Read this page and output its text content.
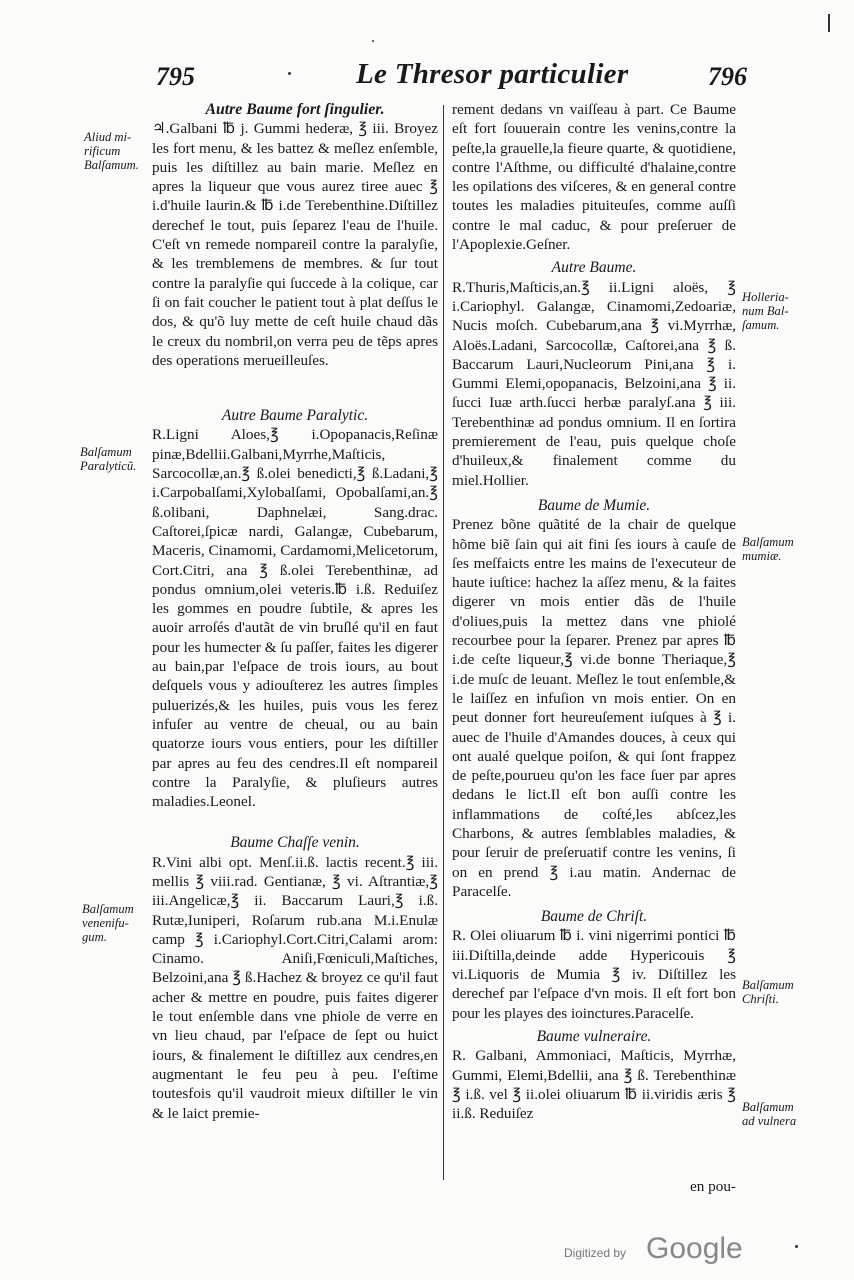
795	Le Thresor particulier	796

Autre Baume fort ſingulier.

♃.Galbani ℔ j. Gummi hederæ, ℥ iii. Broyez les fort menu, & les battez & meſlez enſemble, puis les diſtillez au bain marie. Meſlez en apres la liqueur que vous aurez tiree auec ℥ i.d'huile laurin.& ℔ i.de Terebenthine.Diſtillez derechef le tout, puis ſeparez l'eau de l'huile. C'eſt vn remede nompareil contre la paralyſie, & les tremblemens de membres. & ſur tout contre la paralyſie qui ſuccede à la colique, car ſi on fait coucher le patient tout à plat deſſus le dos, & qu'õ luy mette de ceſt huile chaud dãs le creux du nombril,on verra peu de tẽps apres des operations merueilleuſes.

Autre Baume Paralytic.

R.Ligni Aloes,℥ i.Opopanacis,Reſinæ pinæ,Bdellii.Galbani,Myrrhe,Maſticis, Sarcocollæ,an.℥ ß.olei benedicti,℥ ß.Ladani,℥ i.Carpobalſami,Xylobalſami, Opobalſami,an.℥ ß.olibani, Daphnelæi, Sang.drac. Caſtorei,ſpicæ nardi, Galangæ, Cubebarum, Maceris, Cinamomi, Cardamomi,Melicetorum, Cort.Citri, ana ℥ ß.olei Terebenthinæ, ad pondus omnium,olei veteris.℔ i.ß. Reduiſez les gommes en poudre ſubtile, & apres les auoir arroſés d'autãt de vin bruſlé qu'il en faut pour les humecter & ſu paſſer, faites les digerer au bain,par l'eſpace de trois iours, au bout deſquels vous y adiouſterez les autres ſimples puluerizés,& les huiles, puis vous les ferez infuſer au ventre de cheual, ou au bain quatorze iours vous entiers, pour les diſtiller par apres au feu des cendres.Il eſt nompareil contre la Paralyſie, & pluſieurs autres maladies.Leonel.

Baume Chaſſe venin.

R.Vini albi opt. Menſ.ii.ß. lactis recent.℥ iii. mellis ℥ viii.rad. Gentianæ, ℥ vi. Aſtrantiæ,℥ iii.Angelicæ,℥ ii. Baccarum Lauri,℥ i.ß. Rutæ,Iuniperi, Roſarum rub.ana M.i.Enulæ camp ℥ i.Cariophyl.Cort.Citri,Calami arom: Cinamo. Aniſi,Fœniculi,Maſtiches, Belzoini,ana ℥ ß.Hachez & broyez ce qu'il faut acher & mettre en poudre, puis faites digerer le tout enſemble dans vne phiole de verre en vn lieu chaud, par l'eſpace de ſept ou huict iours, & finalement le diſtillez aux cendres,en augmentant le feu peu à peu. I'eſtime toutesfois qu'il vaudroit mieux diſtiller le vin & le laict premie-

rement dedans vn vaiſſeau à part. Ce Baume eſt fort ſouuerain contre les venins,contre la peſte,la grauelle,la fieure quarte, & quotidiene, contre l'Aſthme, ou difficulté d'halaine,contre les opilations des viſceres, & en general contre toutes les maladies pituiteuſes, comme auſſi contre le mal caduc, & pour preſeruer de l'Apoplexie.Geſner.

Autre Baume.

R.Thuris,Maſticis,an.℥ ii.Ligni aloës, ℥ i.Cariophyl. Galangæ, Cinamomi,Zedoariæ, Nucis moſch. Cubebarum,ana ℥ vi.Myrrhæ, Aloës.Ladani, Sarcocollæ, Caſtorei,ana ℥ ß. Baccarum Lauri,Nucleorum Pini,ana ℥ i. Gummi Elemi,opopanacis, Belzoini,ana ℥ ii. ſucci Iuæ arth.ſucci herbæ paralyſ.ana ℥ iii. Terebenthinæ ad pondus omnium. Il en ſortira premierement de l'eau, puis quelque choſe d'huileux,& finalement comme du miel.Hollier.

Baume de Mumie.

Prenez bõne quãtité de la chair de quelque hõme biẽ ſain qui ait fini ſes iours à cauſe de ſes meſfaicts entre les mains de l'executeur de haute iuſtice: hachez la aſſez menu, & la faites digerer vn mois entier dãs de l'huile d'oliues,puis la mettez dans vne phiolé recourbee pour la ſeparer. Prenez par apres ℔ i.de ceſte liqueur,℥ vi.de bonne Theriaque,℥ i.de muſc de leuant. Meſlez le tout enſemble,& le laiſſez en infuſion vn mois entier. On en peut donner fort heureuſement iuſques à ℥ i. auec de l'huile d'Amandes douces, à ceux qui ont aualé quelque poiſon, & qui ſont frappez de peſte,pourueu qu'on les face ſuer par apres dedans le lict.Il eſt bon auſſi contre les inflammations de coſté,les abſcez,les Charbons, & autres ſemblables maladies, & pour ſeruir de preſeruatif contre les venins, ſi on en prend ℥ i.au matin. Andernac de Paracelſe.

Baume de Chriſt.

R. Olei oliuarum ℔ i. vini nigerrimi pontici ℔ iii.Diſtilla,deinde adde Hypericouis ℥ vi.Liquoris de Mumia ℥ iv. Diſtillez les derechef par l'eſpace d'vn mois. Il eſt fort bon pour les playes des ioinctures.Paracelſe.

Baume vulneraire.

R. Galbani, Ammoniaci, Maſticis, Myrrhæ, Gummi, Elemi,Bdellii, ana ℥ ß. Terebenthinæ ℥ i.ß. vel ℥ ii.olei oliuarum ℔ ii.viridis æris ℥ ii.ß. Reduiſez

en pou-
Aliud mi-
rificum
Balſamum.
Balſamum
Paralyticũ.
Balſamum
venenifu-
gum.
Holleria-
num Bal-
ſamum.
Balſamum
mumiæ.
Balſamum
Chriſti.
Balſamum
ad vulnera
Digitized by Google
